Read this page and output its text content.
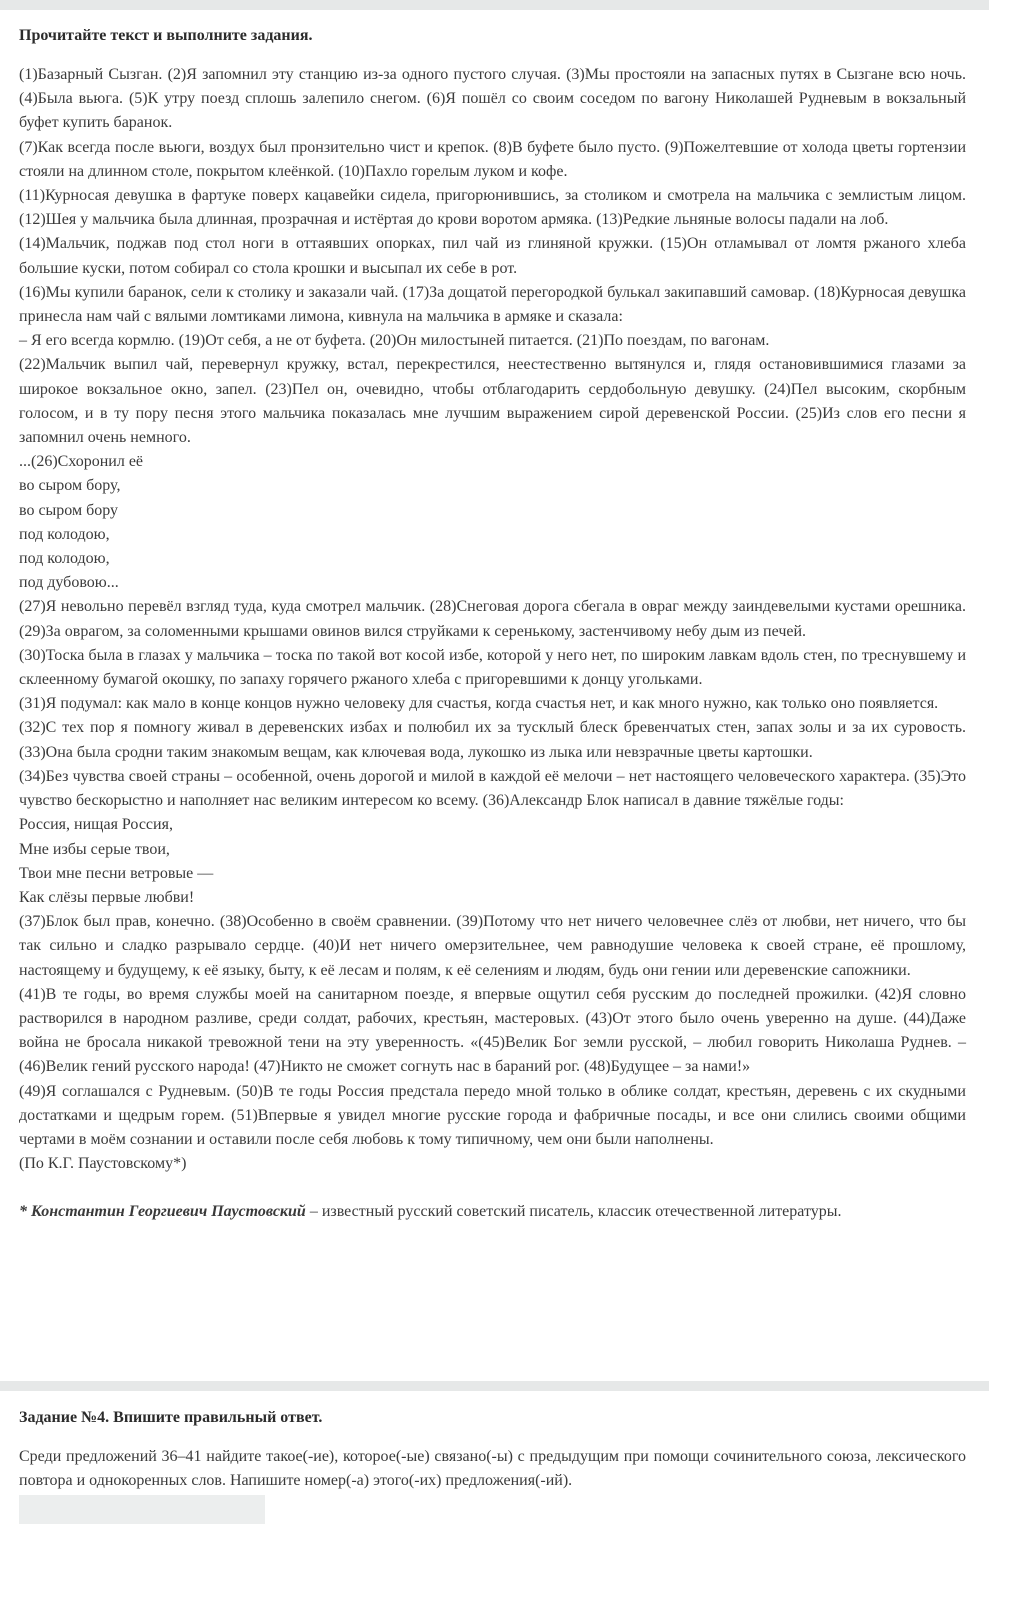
Прочитайте текст и выполните задания.

(1)Базарный Сызган. (2)Я запомнил эту станцию из-за одного пустого случая. (3)Мы простояли на запасных путях в Сызгане всю ночь. (4)Была вьюга. (5)К утру поезд сплошь залепило снегом. (6)Я пошёл со своим соседом по вагону Николашей Рудневым в вокзальный буфет купить баранок.

(7)Как всегда после вьюги, воздух был пронзительно чист и крепок. (8)В буфете было пусто. (9)Пожелтевшие от холода цветы гортензии стояли на длинном столе, покрытом клеёнкой. (10)Пахло горелым луком и кофе.

(11)Курносая девушка в фартуке поверх кацавейки сидела, пригорюнившись, за столиком и смотрела на мальчика с землистым лицом. (12)Шея у мальчика была длинная, прозрачная и истёртая до крови воротом армяка. (13)Редкие льняные волосы падали на лоб.

(14)Мальчик, поджав под стол ноги в оттаявших опорках, пил чай из глиняной кружки. (15)Он отламывал от ломтя ржаного хлеба большие куски, потом собирал со стола крошки и высыпал их себе в рот.

(16)Мы купили баранок, сели к столику и заказали чай. (17)За дощатой перегородкой булькал закипавший самовар. (18)Курносая девушка принесла нам чай с вялыми ломтиками лимона, кивнула на мальчика в армяке и сказала:

– Я его всегда кормлю. (19)От себя, а не от буфета. (20)Он милостыней питается. (21)По поездам, по вагонам.

(22)Мальчик выпил чай, перевернул кружку, встал, перекрестился, неестественно вытянулся и, глядя остановившимися глазами за широкое вокзальное окно, запел. (23)Пел он, очевидно, чтобы отблагодарить сердобольную девушку. (24)Пел высоким, скорбным голосом, и в ту пору песня этого мальчика показалась мне лучшим выражением сирой деревенской России. (25)Из слов его песни я запомнил очень немного.

...(26)Схоронил её

во сыром бору,

во сыром бору

под колодою,

под колодою,

под дубовою...

(27)Я невольно перевёл взгляд туда, куда смотрел мальчик. (28)Снеговая дорога сбегала в овраг между заиндевелыми кустами орешника. (29)За оврагом, за соломенными крышами овинов вился струйками к серенькому, застенчивому небу дым из печей.

(30)Тоска была в глазах у мальчика – тоска по такой вот косой избе, которой у него нет, по широким лавкам вдоль стен, по треснувшему и склеенному бумагой окошку, по запаху горячего ржаного хлеба с пригоревшими к донцу угольками.

(31)Я подумал: как мало в конце концов нужно человеку для счастья, когда счастья нет, и как много нужно, как только оно появляется.

(32)С тех пор я помногу живал в деревенских избах и полюбил их за тусклый блеск бревенчатых стен, запах золы и за их суровость. (33)Она была сродни таким знакомым вещам, как ключевая вода, лукошко из лыка или невзрачные цветы картошки.

(34)Без чувства своей страны – особенной, очень дорогой и милой в каждой её мелочи – нет настоящего человеческого характера. (35)Это чувство бескорыстно и наполняет нас великим интересом ко всему. (36)Александр Блок написал в давние тяжёлые годы:

Россия, нищая Россия,

Мне избы серые твои,

Твои мне песни ветровые —

Как слёзы первые любви!

(37)Блок был прав, конечно. (38)Особенно в своём сравнении. (39)Потому что нет ничего человечнее слёз от любви, нет ничего, что бы так сильно и сладко разрывало сердце. (40)И нет ничего омерзительнее, чем равнодушие человека к своей стране, её прошлому, настоящему и будущему, к её языку, быту, к её лесам и полям, к её селениям и людям, будь они гении или деревенские сапожники.

(41)В те годы, во время службы моей на санитарном поезде, я впервые ощутил себя русским до последней прожилки. (42)Я словно растворился в народном разливе, среди солдат, рабочих, крестьян, мастеровых. (43)От этого было очень уверенно на душе. (44)Даже война не бросала никакой тревожной тени на эту уверенность. «(45)Велик Бог земли русской, – любил говорить Николаша Руднев. – (46)Велик гений русского народа! (47)Никто не сможет согнуть нас в бараний рог. (48)Будущее – за нами!»

(49)Я соглашался с Рудневым. (50)В те годы Россия предстала передо мной только в облике солдат, крестьян, деревень с их скудными достатками и щедрым горем. (51)Впервые я увидел многие русские города и фабричные посады, и все они слились своими общими чертами в моём сознании и оставили после себя любовь к тому типичному, чем они были наполнены.

(По К.Г. Паустовскому*)

* Константин Георгиевич Паустовский – известный русский советский писатель, классик отечественной литературы.

Задание №4. Впишите правильный ответ.

Среди предложений 36–41 найдите такое(-ие), которое(-ые) связано(-ы) с предыдущим при помощи сочинительного союза, лексического повтора и однокоренных слов. Напишите номер(-а) этого(-их) предложения(-ий).
